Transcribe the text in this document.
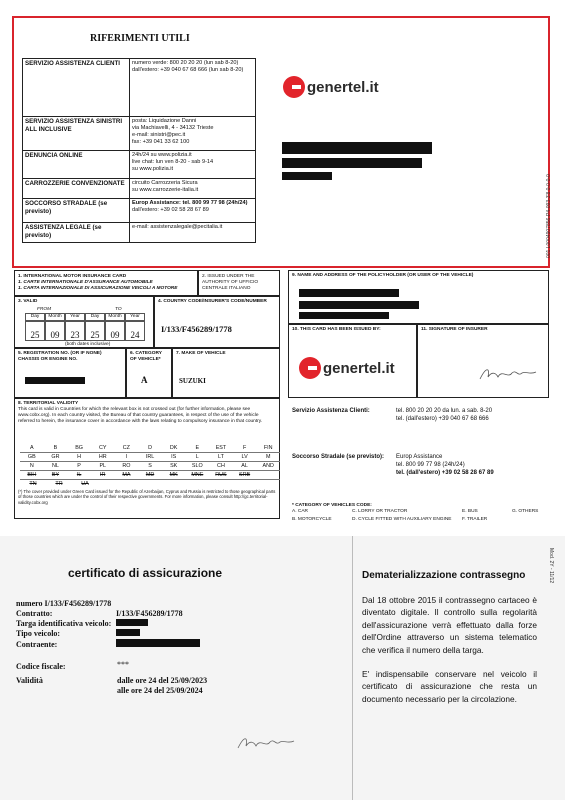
RIFERIMENTI UTILI
SERVIZIO ASSISTENZA CLIENTI	numero verde: 800 20 20 20 (lun sab 8-20)
dall'estero: +39 040 67 68 666 (lun sab 8-20)

SERVIZIO ASSISTENZA SINISTRI ALL INCLUSIVE	posta: Liquidazione Danni
via Machiavelli, 4 - 34132 Trieste
e-mail: sinistri@pec.it
fax: +39 041 33 62 100

DENUNCIA ONLINE	24h/24 su www.polizia.it
live chat: lun ven 8-20 - sab 9-14
su www.polizia.it

CARROZZERIE CONVENZIONATE	circuito Carrozzeria Sicura
su www.carrozzerie-italia.it

SOCCORSO STRADALE (se previsto)	Europ Assistance: tel. 800 99 77 98 (24h/24)
dall'estero: +39 02 58 28 67 89

ASSISTENZA LEGALE (se previsto)	e-mail: assistenzalegale@pecitalia.it
genertel.it
001 L0004907856-P4-093-3'8 0-0-0-0
1. INTERNATIONAL MOTOR INSURANCE CARD
1. CARTE INTERNATIONALE D'ASSURANCE AUTOMOBILE
1. CARTA INTERNAZIONALE DI ASSICURAZIONE VEICOLI A MOTORE
2. ISSUED UNDER THE
AUTHORITY OF UFFICIO
CENTRALE ITALIANO
3. VALID
FROM	TO
Day	Month	Year	Day	Month	Year
25	09	23	25	09	24
(both dates inclusive)
4. COUNTRY CODE/INSURER'S CODE/NUMBER
I/133/F456289/1778
5. REGISTRATION NO. (OR IF NONE) CHASSIS OR ENGINE NO.
6. CATEGORY OF VEHICLE*
A
7. MAKE OF VEHICLE
SUZUKI
8. TERRITORIAL VALIDITY
This card is valid in Countries for which the relevant box is not crossed out (for further information, please see www.cobx.org). In each country visited, the Bureau of that country guarantees, in respect of the use of the vehicle referred to herein, the insurance cover in accordance with the laws relating to compulsory insurance in that country.
A	B	BG	CY	CZ	D	DK	E	EST	F	FIN
GB	GR	H	HR	I	IRL	IS	L	LT	LV	M
N	NL	P	PL	RO	S	SK	SLO	CH	AL	AND
BIH	BY	IL	IR	MA	MD	MK	MNE	RUS	SRB
TN	TR	UA
(*) The cover provided under Green Card issued for the Republic of Azerbaijan, Cyprus and Russia is restricted to those geographical parts of those countries which are under the control of their respective governments. For more information, please consult http://gc.territorial-validity.cobx.org
9. NAME AND ADDRESS OF THE POLICYHOLDER (OR USER OF THE VEHICLE)
10. THIS CARD HAS BEEN ISSUED BY:
genertel.it
11. SIGNATURE OF INSURER
Servizio Assistenza Clienti:	tel. 800 20 20 20 da lun. a sab. 8-20
tel. (dall'estero) +39 040 67 68 666
Soccorso Stradale (se previsto): Europ Assistance
tel. 800 99 77 98 (24h/24)
tel. (dall'estero) +39 02 58 28 67 89
* CATEGORY OF VEHICLES CODE:
A. CAR	C. LORRY OR TRACTOR	E. BUS	G. OTHERS
B. MOTORCYCLE	D. CYCLE FITTED WITH AUXILIARY ENGINE	F. TRAILER
certificato di assicurazione
numero I/133/F456289/1778
Contratto:	I/133/F456289/1778
Targa identificativa veicolo:	
Tipo veicolo:	
Contraente:	
Codice fiscale:	***
Validità	dalle ore 24 del 25/09/2023
alle ore 24 del 25/09/2024
Dematerializzazione contrassegno
Dal 18 ottobre 2015 il contrassegno cartaceo è diventato digitale. Il controllo sulla regolarità dell'assicurazione verrà effettuato dalla forze dell'Ordine attraverso un sistema telematico che verifica il numero della targa.
E' indispensabile conservare nel veicolo il certificato di assicurazione che resta un documento necessario per la circolazione.
Mod. 2Y - 11/12
